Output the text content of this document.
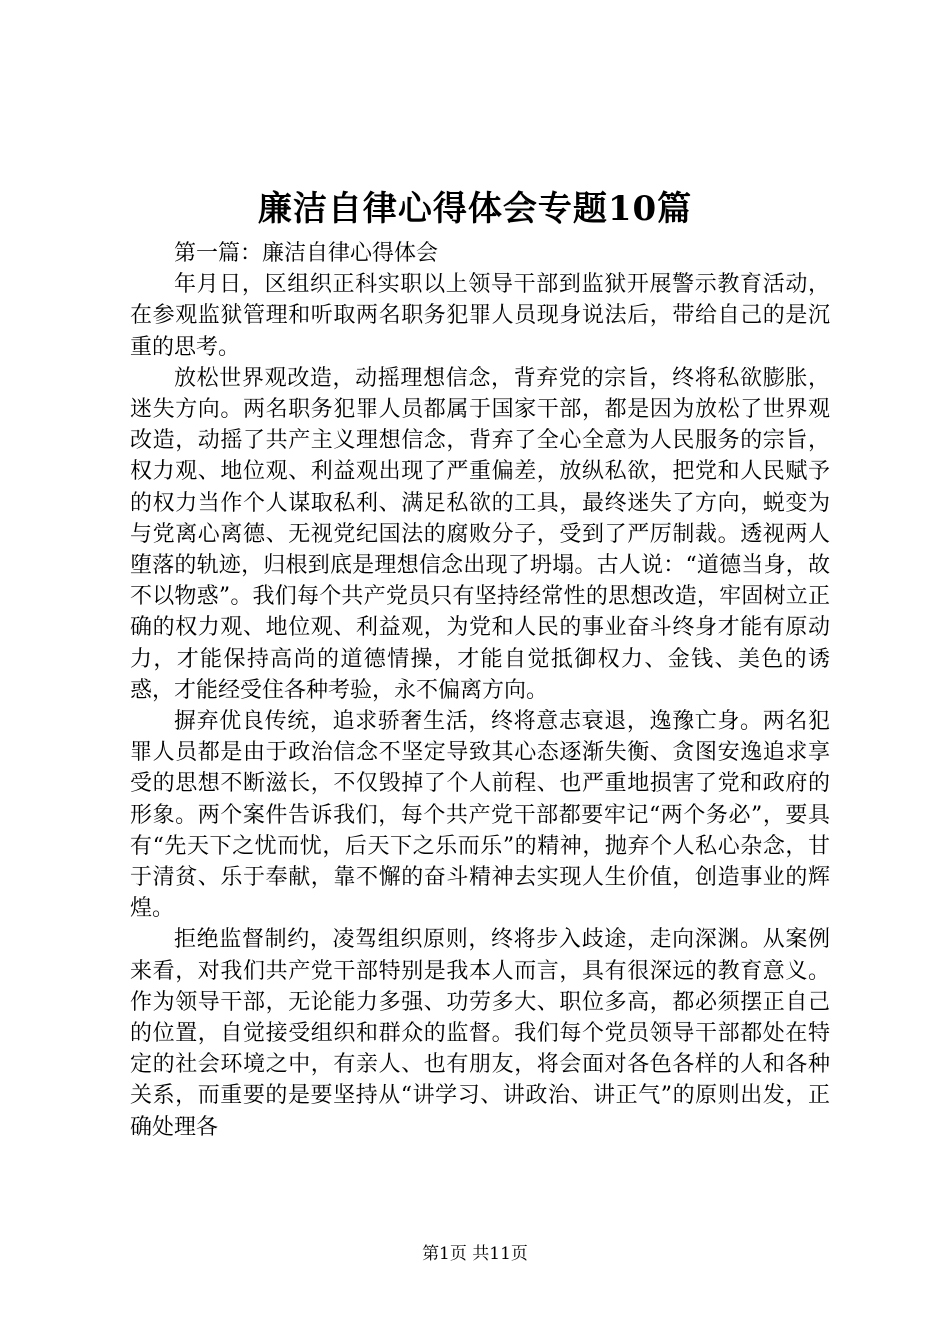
廉洁自律心得体会专题10篇

第一篇：廉洁自律心得体会

年月日，区组织正科实职以上领导干部到监狱开展警示教育活动，在参观监狱管理和听取两名职务犯罪人员现身说法后，带给自己的是沉重的思考。

放松世界观改造，动摇理想信念，背弃党的宗旨，终将私欲膨胀，迷失方向。两名职务犯罪人员都属于国家干部，都是因为放松了世界观改造，动摇了共产主义理想信念，背弃了全心全意为人民服务的宗旨，权力观、地位观、利益观出现了严重偏差，放纵私欲，把党和人民赋予的权力当作个人谋取私利、满足私欲的工具，最终迷失了方向，蜕变为与党离心离德、无视党纪国法的腐败分子，受到了严厉制裁。透视两人堕落的轨迹，归根到底是理想信念出现了坍塌。古人说：“道德当身，故不以物惑”。我们每个共产党员只有坚持经常性的思想改造，牢固树立正确的权力观、地位观、利益观，为党和人民的事业奋斗终身才能有原动力，才能保持高尚的道德情操，才能自觉抵御权力、金钱、美色的诱惑，才能经受住各种考验，永不偏离方向。

摒弃优良传统，追求骄奢生活，终将意志衰退，逸豫亡身。两名犯罪人员都是由于政治信念不坚定导致其心态逐渐失衡、贪图安逸追求享受的思想不断滋长，不仅毁掉了个人前程、也严重地损害了党和政府的形象。两个案件告诉我们，每个共产党干部都要牢记“两个务必”，要具有“先天下之忧而忧，后天下之乐而乐”的精神，抛弃个人私心杂念，甘于清贫、乐于奉献，靠不懈的奋斗精神去实现人生价值，创造事业的辉煌。

拒绝监督制约，凌驾组织原则，终将步入歧途，走向深渊。从案例来看，对我们共产党干部特别是我本人而言，具有很深远的教育意义。作为领导干部，无论能力多强、功劳多大、职位多高，都必须摆正自己的位置，自觉接受组织和群众的监督。我们每个党员领导干部都处在特定的社会环境之中，有亲人、也有朋友，将会面对各色各样的人和各种关系，而重要的是要坚持从“讲学习、讲政治、讲正气”的原则出发，正确处理各

第1页 共11页
